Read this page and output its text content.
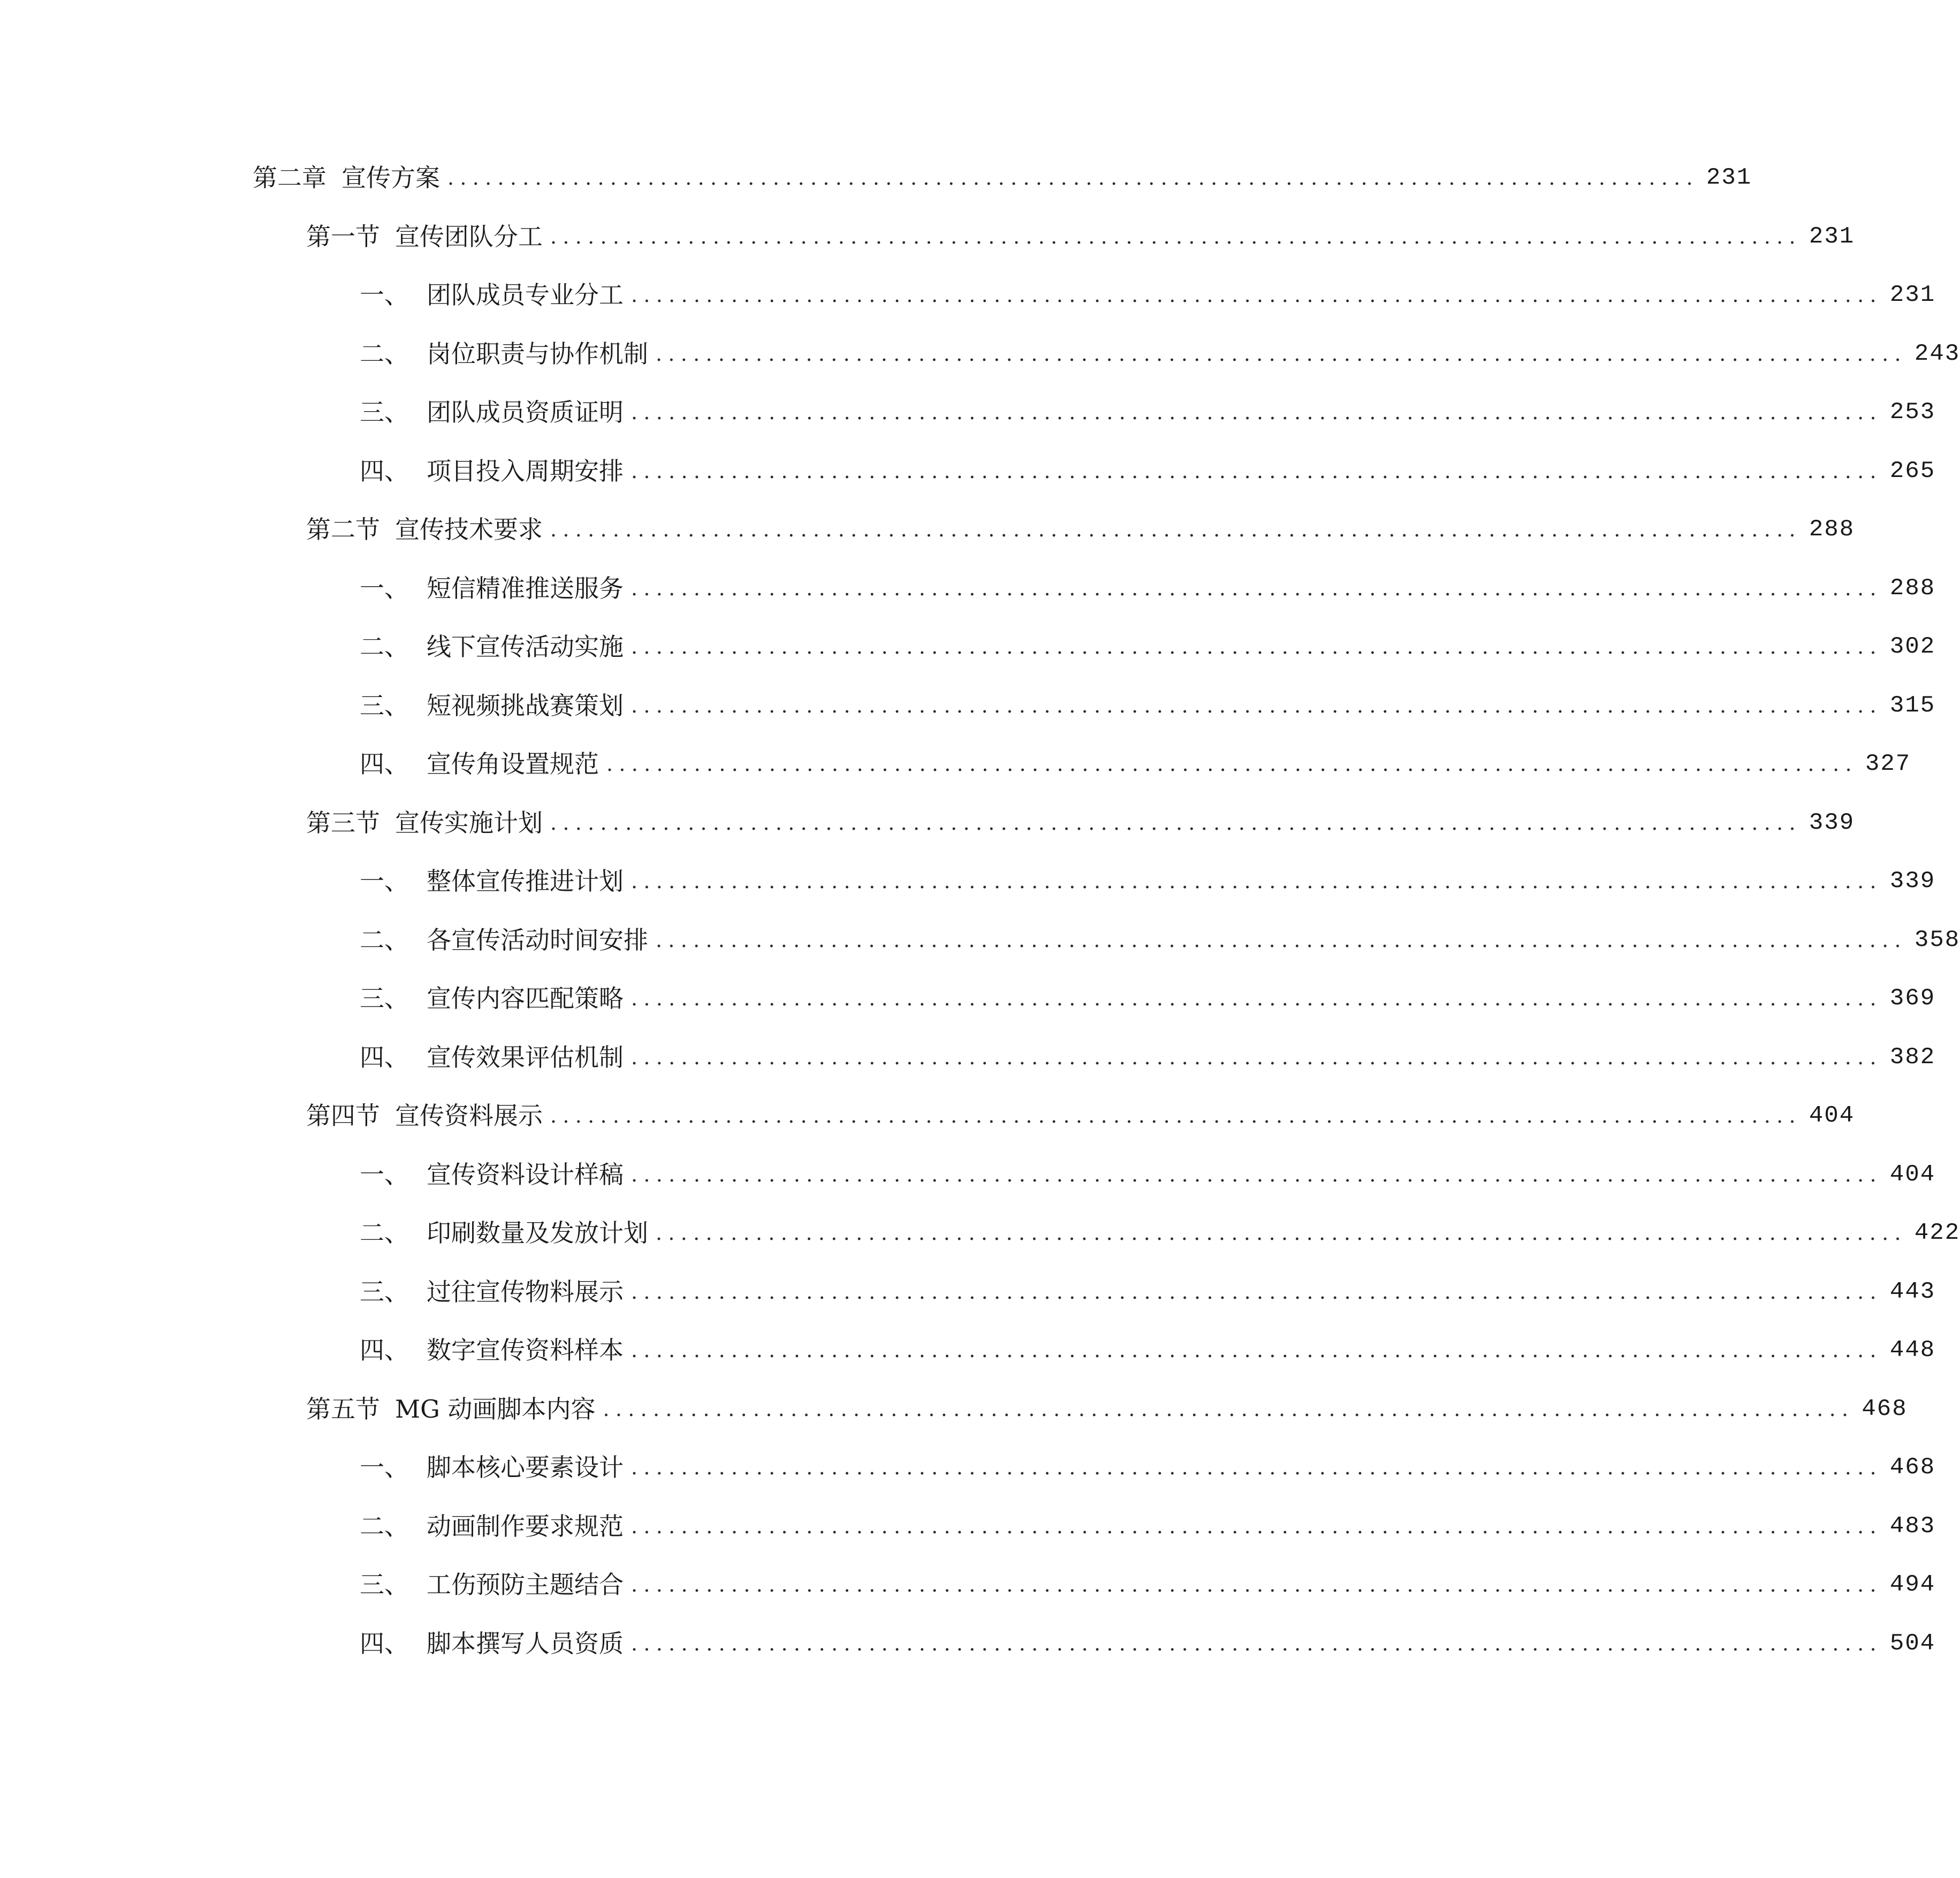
第二章 宣传方案 .................................................................................................... 231
第一节 宣传团队分工 .................................................................................................... 231
一、 团队成员专业分工 .................................................................................................... 231
二、 岗位职责与协作机制 .................................................................................................... 243
三、 团队成员资质证明 .................................................................................................... 253
四、 项目投入周期安排 .................................................................................................... 265
第二节 宣传技术要求 .................................................................................................... 288
一、 短信精准推送服务 .................................................................................................... 288
二、 线下宣传活动实施 .................................................................................................... 302
三、 短视频挑战赛策划 .................................................................................................... 315
四、 宣传角设置规范 .................................................................................................... 327
第三节 宣传实施计划 .................................................................................................... 339
一、 整体宣传推进计划 .................................................................................................... 339
二、 各宣传活动时间安排 .................................................................................................... 358
三、 宣传内容匹配策略 .................................................................................................... 369
四、 宣传效果评估机制 .................................................................................................... 382
第四节 宣传资料展示 .................................................................................................... 404
一、 宣传资料设计样稿 .................................................................................................... 404
二、 印刷数量及发放计划 .................................................................................................... 422
三、 过往宣传物料展示 .................................................................................................... 443
四、 数字宣传资料样本 .................................................................................................... 448
第五节 MG 动画脚本内容 .................................................................................................... 468
一、 脚本核心要素设计 .................................................................................................... 468
二、 动画制作要求规范 .................................................................................................... 483
三、 工伤预防主题结合 .................................................................................................... 494
四、 脚本撰写人员资质 .................................................................................................... 504
